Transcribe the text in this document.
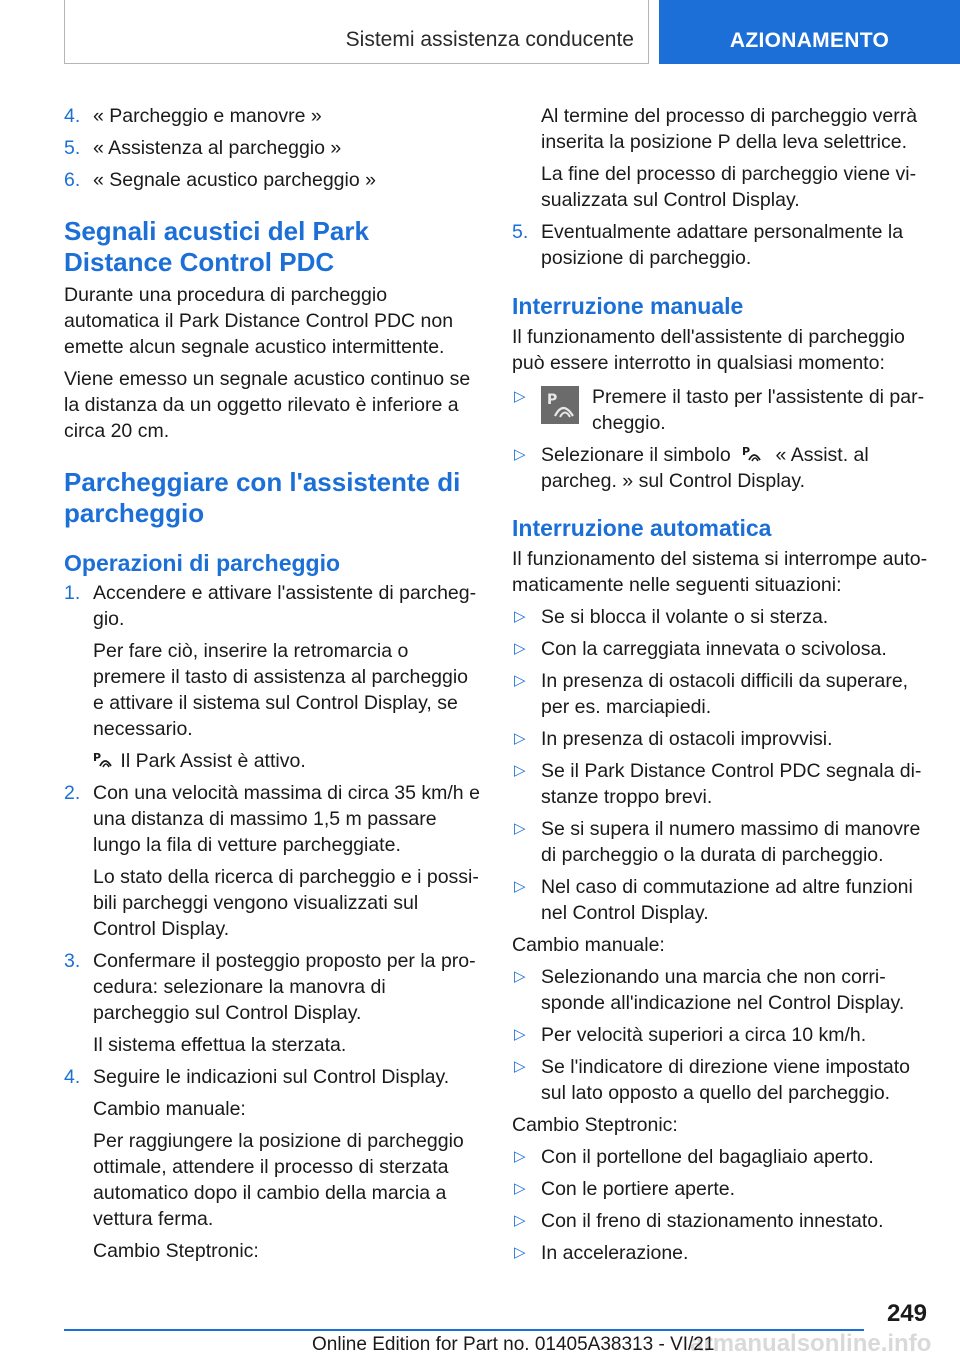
Sistemi assistenza conducente	AZIONAMENTO
4. « Parcheggio e manovre »

5. « Assistenza al parcheggio »

6. « Segnale acustico parcheggio »

Segnali acustici del Park Distance Control PDC

Durante una procedura di parcheggio automatica il Park Distance Control PDC non emette alcun segnale acustico intermittente.

Viene emesso un segnale acustico continuo se la distanza da un oggetto rilevato è inferiore a circa 20 cm.

Parcheggiare con l'assistente di parcheggio
Operazioni di parcheggio
1. Accendere e attivare l'assistente di parcheggio.

Per fare ciò, inserire la retromarcia o premere il tasto di assistenza al parcheggio e attivare il sistema sul Control Display, se necessario.

P Il Park Assist è attivo.

2. Con una velocità massima di circa 35 km/h e una distanza di massimo 1,5 m passare lungo la fila di vetture parcheggiate.

Lo stato della ricerca di parcheggio e i possibili parcheggi vengono visualizzati sul Control Display.

3. Confermare il posteggio proposto per la procedura: selezionare la manovra di parcheggio sul Control Display.

Il sistema effettua la sterzata.

4. Seguire le indicazioni sul Control Display.

Cambio manuale:

Per raggiungere la posizione di parcheggio ottimale, attendere il processo di sterzata automatico dopo il cambio della marcia a vettura ferma.

Cambio Steptronic:

Al termine del processo di parcheggio verrà inserita la posizione P della leva selettrice.

La fine del processo di parcheggio viene visualizzata sul Control Display.

5. Eventualmente adattare personalmente la posizione di parcheggio.

Interruzione manuale

Il funzionamento dell'assistente di parcheggio può essere interrotto in qualsiasi momento:

▷ P Premere il tasto per l'assistente di parcheggio.

▷ Selezionare il simbolo P « Assist. al parcheg. » sul Control Display.

Interruzione automatica

Il funzionamento del sistema si interrompe automaticamente nelle seguenti situazioni:

▷ Se si blocca il volante o si sterza.

▷ Con la carreggiata innevata o scivolosa.

▷ In presenza di ostacoli difficili da superare, per es. marciapiedi.

▷ In presenza di ostacoli improvvisi.

▷ Se il Park Distance Control PDC segnala distanze troppo brevi.

▷ Se si supera il numero massimo di manovre di parcheggio o la durata di parcheggio.

▷ Nel caso di commutazione ad altre funzioni nel Control Display.

Cambio manuale:

▷ Selezionando una marcia che non corrisponde all'indicazione nel Control Display.

▷ Per velocità superiori a circa 10 km/h.

▷ Se l'indicatore di direzione viene impostato sul lato opposto a quello del parcheggio.

Cambio Steptronic:

▷ Con il portellone del bagagliaio aperto.

▷ Con le portiere aperte.

▷ Con il freno di stazionamento innestato.

▷ In accelerazione.

249
armanualsonline.info
Online Edition for Part no. 01405A38313 - VI/21
